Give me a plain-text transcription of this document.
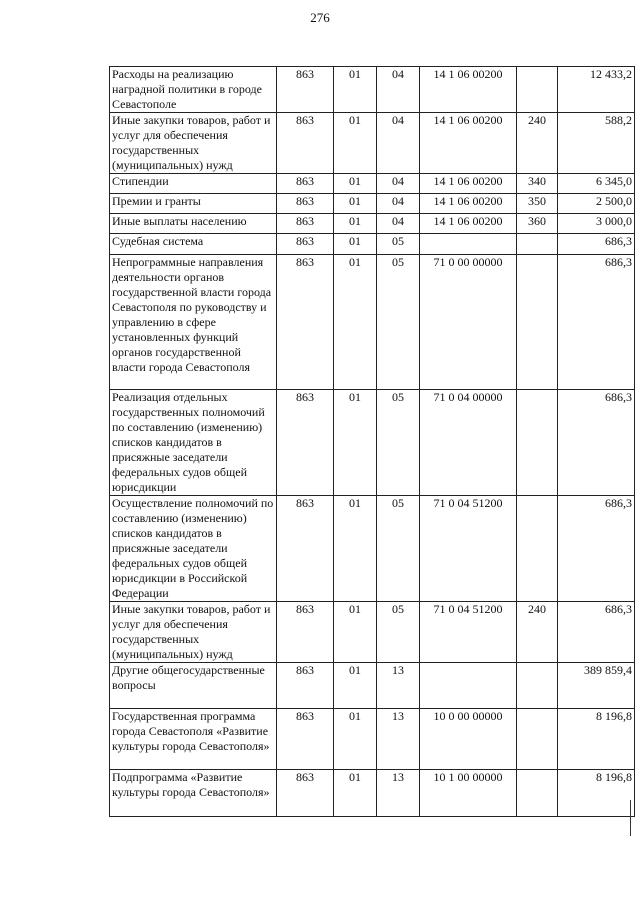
276
Расходы на реализацию наградной политики в городе Севастополе	863	01	04	14 1 06 00200		12 433,2
Иные закупки товаров, работ и услуг для обеспечения государственных (муниципальных) нужд	863	01	04	14 1 06 00200	240	588,2
Стипендии	863	01	04	14 1 06 00200	340	6 345,0
Премии и гранты	863	01	04	14 1 06 00200	350	2 500,0
Иные выплаты населению	863	01	04	14 1 06 00200	360	3 000,0
Судебная система	863	01	05			686,3
Непрограммные направления деятельности органов государственной власти города Севастополя по руководству и управлению в сфере установленных функций органов государственной власти города Севастополя	863	01	05	71 0 00 00000		686,3
Реализация отдельных государственных полномочий по составлению (изменению) списков кандидатов в присяжные заседатели федеральных судов общей юрисдикции	863	01	05	71 0 04 00000		686,3
Осуществление полномочий по составлению (изменению) списков кандидатов в присяжные заседатели федеральных судов общей юрисдикции в Российской Федерации	863	01	05	71 0 04 51200		686,3
Иные закупки товаров, работ и услуг для обеспечения государственных (муниципальных) нужд	863	01	05	71 0 04 51200	240	686,3
Другие общегосударственные вопросы	863	01	13			389 859,4
Государственная программа города Севастополя «Развитие культуры города Севастополя»	863	01	13	10 0 00 00000		8 196,8
Подпрограмма «Развитие культуры города Севастополя»	863	01	13	10 1 00 00000		8 196,8
